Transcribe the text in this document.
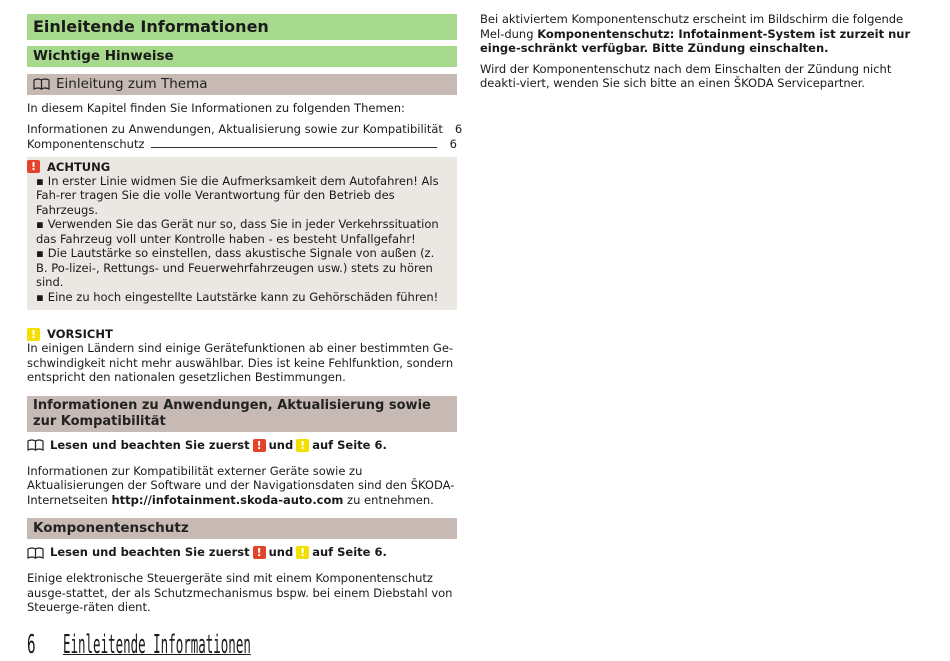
Einleitende Informationen
Wichtige Hinweise
Einleitung zum Thema

In diesem Kapitel finden Sie Informationen zu folgenden Themen:

Informationen zu Anwendungen, Aktualisierung sowie zur Kompatibilität 6
Komponentenschutz	6
! ACHTUNG
▪ In erster Linie widmen Sie die Aufmerksamkeit dem Autofahren! Als Fah-rer tragen Sie die volle Verantwortung für den Betrieb des Fahrzeugs.
▪ Verwenden Sie das Gerät nur so, dass Sie in jeder Verkehrssituation das Fahrzeug voll unter Kontrolle haben - es besteht Unfallgefahr!
▪ Die Lautstärke so einstellen, dass akustische Signale von außen (z. B. Po-lizei-, Rettungs- und Feuerwehrfahrzeugen usw.) stets zu hören sind.
▪ Eine zu hoch eingestellte Lautstärke kann zu Gehörschäden führen!
! VORSICHT

In einigen Ländern sind einige Gerätefunktionen ab einer bestimmten Ge-schwindigkeit nicht mehr auswählbar. Dies ist keine Fehlfunktion, sondern entspricht den nationalen gesetzlichen Bestimmungen.

Informationen zu Anwendungen, Aktualisierung sowie zur Kompatibilität
Lesen und beachten Sie zuerst ! und ! auf Seite 6.

Informationen zur Kompatibilität externer Geräte sowie zu Aktualisierungen der Software und der Navigationsdaten sind den ŠKODA-Internetseiten http://infotainment.skoda-auto.com zu entnehmen.

Komponentenschutz
Lesen und beachten Sie zuerst ! und ! auf Seite 6.

Einige elektronische Steuergeräte sind mit einem Komponentenschutz ausge-stattet, der als Schutzmechanismus bspw. bei einem Diebstahl von Steuerge-räten dient.

Bei aktiviertem Komponentenschutz erscheint im Bildschirm die folgende Mel-dung Komponentenschutz: Infotainment-System ist zurzeit nur einge-schränkt verfügbar. Bitte Zündung einschalten.

Wird der Komponentenschutz nach dem Einschalten der Zündung nicht deakti-viert, wenden Sie sich bitte an einen ŠKODA Servicepartner.

6 Einleitende Informationen
